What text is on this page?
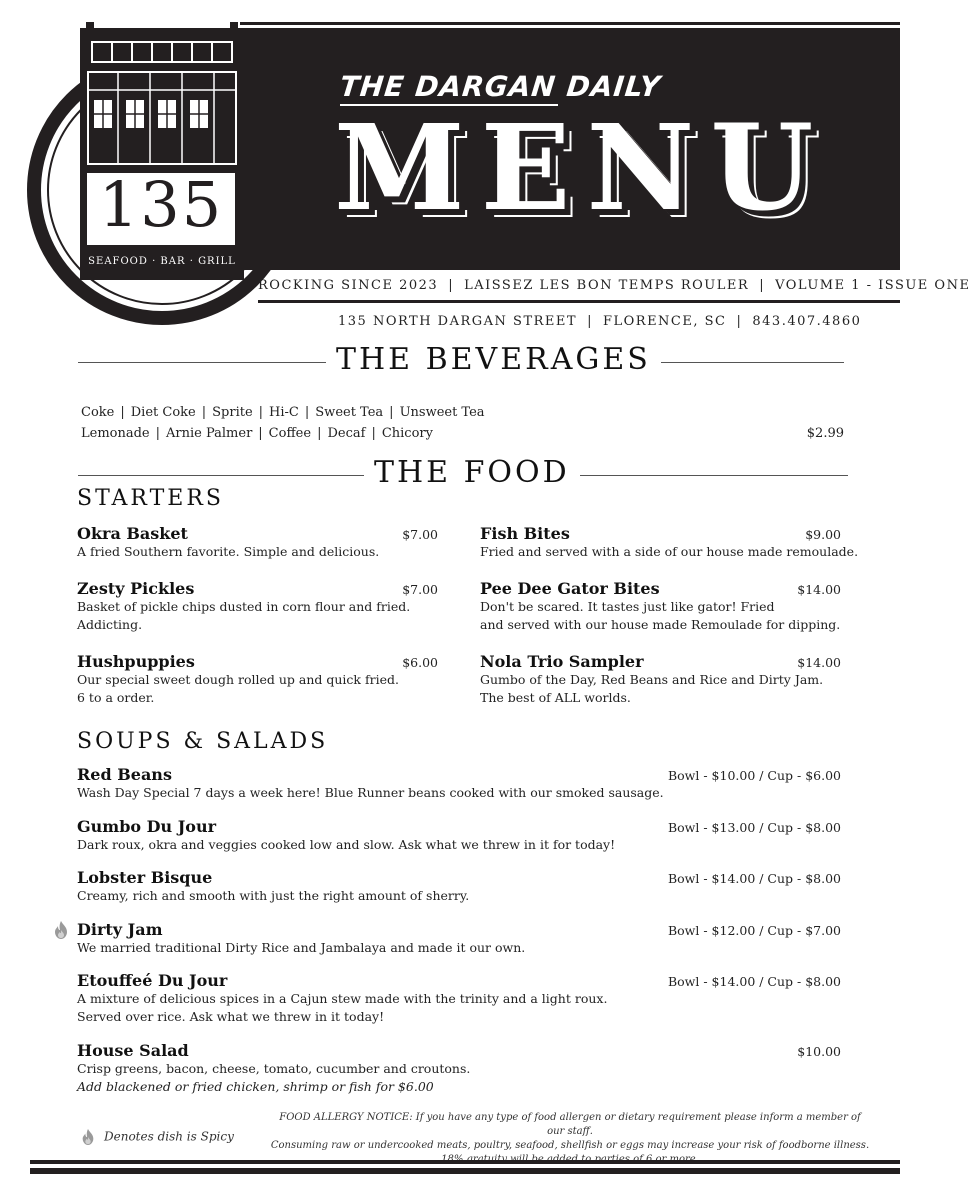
135
SEAFOOD · BAR · GRILL
THE DARGAN DAILY
MENU
ROCKING SINCE 2023 | LAISSEZ LES BON TEMPS ROULER | VOLUME 1 - ISSUE ONE
135 NORTH DARGAN STREET | FLORENCE, SC | 843.407.4860
THE BEVERAGES
Coke | Diet Coke | Sprite | Hi-C | Sweet Tea | Unsweet Tea
Lemonade | Arnie Palmer | Coffee | Decaf | Chicory	$2.99
THE FOOD
STARTERS
Okra Basket	$7.00
A fried Southern favorite. Simple and delicious.
Zesty Pickles	$7.00
Basket of pickle chips dusted in corn flour and fried.
Addicting.
Hushpuppies	$6.00
Our special sweet dough rolled up and quick fried.
6 to a order.
Fish Bites	$9.00
Fried and served with a side of our house made remoulade.
Pee Dee Gator Bites	$14.00
Don't be scared. It tastes just like gator! Fried
and served with our house made Remoulade for dipping.
Nola Trio Sampler	$14.00
Gumbo of the Day, Red Beans and Rice and Dirty Jam.
The best of ALL worlds.
SOUPS & SALADS
Red Beans	Bowl - $10.00 / Cup - $6.00
Wash Day Special 7 days a week here! Blue Runner beans cooked with our smoked sausage.
Gumbo Du Jour	Bowl - $13.00 / Cup - $8.00
Dark roux, okra and veggies cooked low and slow. Ask what we threw in it for today!
Lobster Bisque	Bowl - $14.00 / Cup - $8.00
Creamy, rich and smooth with just the right amount of sherry.
Dirty Jam	Bowl - $12.00 / Cup - $7.00
We married traditional Dirty Rice and Jambalaya and made it our own.
Etouffeé Du Jour	Bowl - $14.00 / Cup - $8.00
A mixture of delicious spices in a Cajun stew made with the trinity and a light roux.
Served over rice. Ask what we threw in it today!
House Salad	$10.00
Crisp greens, bacon, cheese, tomato, cucumber and croutons.
Add blackened or fried chicken, shrimp or fish for $6.00
Denotes dish is Spicy
FOOD ALLERGY NOTICE: If you have any type of food allergen or dietary requirement please inform a member of our staff.
Consuming raw or undercooked meats, poultry, seafood, shellfish or eggs may increase your risk of foodborne illness.
